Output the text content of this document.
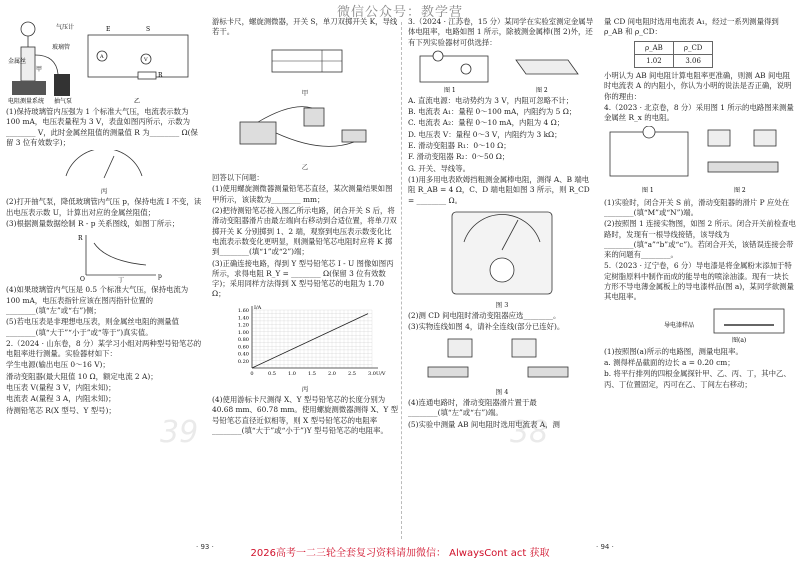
微信公众号：教学营
39	38
气压计
玻璃管
金属丝
电阻测量系统 抽气泵
甲
乙
E	S
A	V
R

(1)保持玻璃管内压强为 1 个标准大气压，电流表示数为 100 mA，电压表量程为 3 V，表盘如图丙所示，示数为________ V，此时金属丝阻值的测量值 R 为________ Ω(保留 3 位有效数字)；

丙

(2)打开抽气泵，降低玻璃管内气压 p，保持电流 I 不变，读出电压表示数 U，计算出对应的金属丝阻值；

(3)根据测量数据绘制 R - p 关系图线，如图丁所示；

R
O	p
丁

(4)如果玻璃管内气压是 0.5 个标准大气压，保持电流为 100 mA，电压表指针应该在图丙指针位置的________(填“左”或“右”)侧；

(5)若电压表是非理想电压表，则金属丝电阻的测量值________(填“大于”“小于”或“等于”)真实值。

2.（2024 · 山东卷，8 分）某学习小组对两种型号铅笔芯的电阻率进行测量。实验器材如下：

学生电源(输出电压 0～16 V)；

滑动变阻器(最大阻值 10 Ω，额定电流 2 A)；

电压表 V(量程 3 V，内阻未知)；

电流表 A(量程 3 A，内阻未知)；

待测铅笔芯 R(X 型号、Y 型号)；

游标卡尺，螺旋测微器，开关 S，单刀双掷开关 K，导线若干。

甲

乙

回答以下问题：

(1)使用螺旋测微器测量铅笔芯直径，某次测量结果如图甲所示，该读数为________ mm；

(2)把待测铅笔芯接入图乙所示电路，闭合开关 S 后，将滑动变阻器滑片由最左端向右移动到合适位置，将单刀双掷开关 K 分别掷到 1、2 端，观察到电压表示数变化比电流表示数变化更明显，则测量铅笔芯电阻时应将 K 掷到________(填“1”或“2”)端；

(3)正确连接电路，得到 Y 型号铅笔芯 I - U 图像如图丙所示，求得电阻 R_Y = ________ Ω(保留 3 位有效数字)；采用同样方法得到 X 型号铅笔芯的电阻为 1.70 Ω；

0	0.5 1.0 1.5 2.0 2.5 3.0
0.20
0.40
0.60
0.80
1.00
1.20
1.40
1.60 I/A
U/V

丙

(4)使用游标卡尺测得 X、Y 型号铅笔芯的长度分别为 40.68 mm、60.78 mm。使用螺旋测微器测得 X、Y 型号铅笔芯直径近似相等，则 X 型号铅笔芯的电阻率________(填“大于”或“小于”)Y 型号铅笔芯的电阻率。

3.（2024 · 江苏卷，15 分）某同学在实验室测定金属导体电阻率，电路如图 1 所示，除被测金属棒(图 2)外，还有下列实验器材可供选择：

图 1	图 2

A. 直流电源：电动势约为 3 V，内阻可忽略不计；

B. 电流表 A₁：量程 0～100 mA，内阻约为 5 Ω；

C. 电流表 A₂：量程 0～10 mA，内阻为 4 Ω；

D. 电压表 V：量程 0～3 V，内阻约为 3 kΩ；

E. 滑动变阻器 R₁：0～10 Ω；

F. 滑动变阻器 R₂：0～50 Ω；

G. 开关、导线等。

(1)用多用电表欧姆挡粗测金属棒电阻，测得 A、B 端电阻 R_AB = 4 Ω，C、D 端电阻如图 3 所示，则 R_CD = ________ Ω。

图 3

(2)测 CD 间电阻时滑动变阻器应选________。

(3)实物连线如图 4，请补全连线(部分已连好)。

图 4

(4)连通电路时，滑动变阻器滑片置于最________(填“左”或“右”)端。

(5)实验中测量 AB 间电阻时选用电流表 A，测

量 CD 间电阻时选用电流表 A₁，经过一系列测量得到 ρ_AB 和 ρ_CD：

ρ_AB	ρ_CD
1.02	3.06

小明认为 AB 间电阻计算电阻率更准确，则测 AB 间电阻时电流表 A 的内阻小，你认为小明的说法是否正确，说明你的理由：

4.（2023 · 北京卷，8 分）采用图 1 所示的电路图来测量金属丝 R_x 的电阻。

图 1	图 2

(1)实验时，闭合开关 S 前，滑动变阻器的滑片 P 应处在________(填“M”或“N”)端。

(2)按照图 1 连接实物图，如图 2 所示。闭合开关前检查电路时，发现有一根导线接错，该导线为________(填“a”“b”或“c”)。若闭合开关，该错误连接会带来的问题有________。

5.（2023 · 辽宁卷，6 分）导电漆是将金属粉末添加于特定树脂原料中制作而成的能导电的喷涂油漆。现有一块长方形不导电薄金属板上的导电漆样品(图 a)，某同学欲测量其电阻率。

图(a)
导电漆样品

(1)按照图(a)所示的电路图，测量电阻率。

a. 测得样品截面的边长 a = 0.20 cm；

b. 将平行排列的四根金属探针甲、乙、丙、丁，其中乙、丙、丁位置固定，丙可在乙、丁间左右移动；

· 93 ·	· 94 ·
2026高考一二三轮全套复习资料请加微信： AlwaysCont act 获取
